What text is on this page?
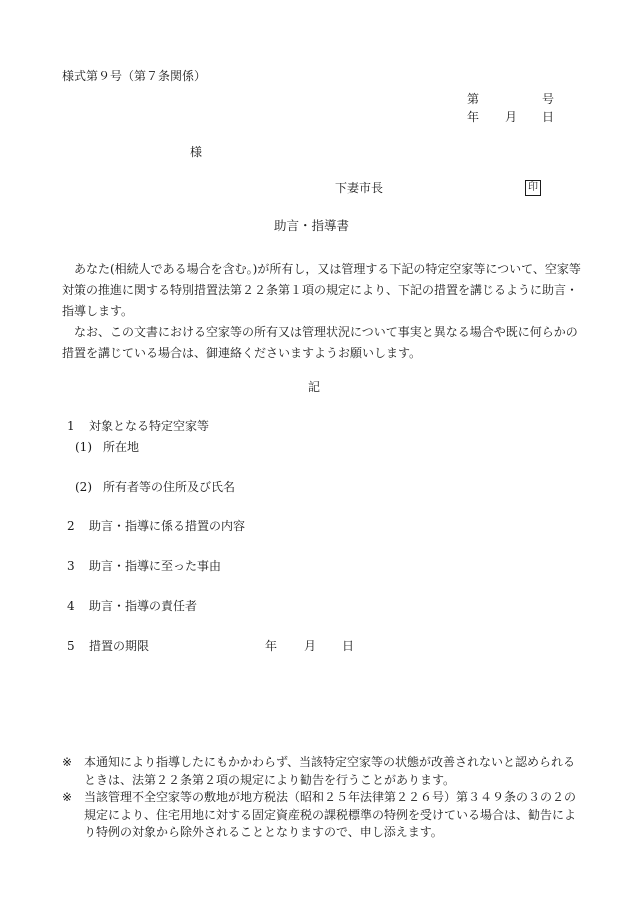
様式第９号（第７条関係）
第	号
年 月 日
様
下妻市長	印
助言・指導書

あなた(相続人である場合を含む。)が所有し，又は管理する下記の特定空家等について、空家等対策の推進に関する特別措置法第２２条第１項の規定により、下記の措置を講じるように助言・指導します。

なお、この文書における空家等の所有又は管理状況について事実と異なる場合や既に何らかの措置を講じている場合は、御連絡くださいますようお願いします。

記
1 対象となる特定空家等
(1) 所在地
(2) 所有者等の住所及び氏名
2 助言・指導に係る措置の内容
3 助言・指導に至った事由
4 助言・指導の責任者
5 措置の期限	年 月 日
※ 本通知により指導したにもかかわらず、当該特定空家等の状態が改善されないと認められるときは、法第２２条第２項の規定により勧告を行うことがあります。
※ 当該管理不全空家等の敷地が地方税法（昭和２５年法律第２２６号）第３４９条の３の２の規定により、住宅用地に対する固定資産税の課税標準の特例を受けている場合は、勧告により特例の対象から除外されることとなりますので、申し添えます。
